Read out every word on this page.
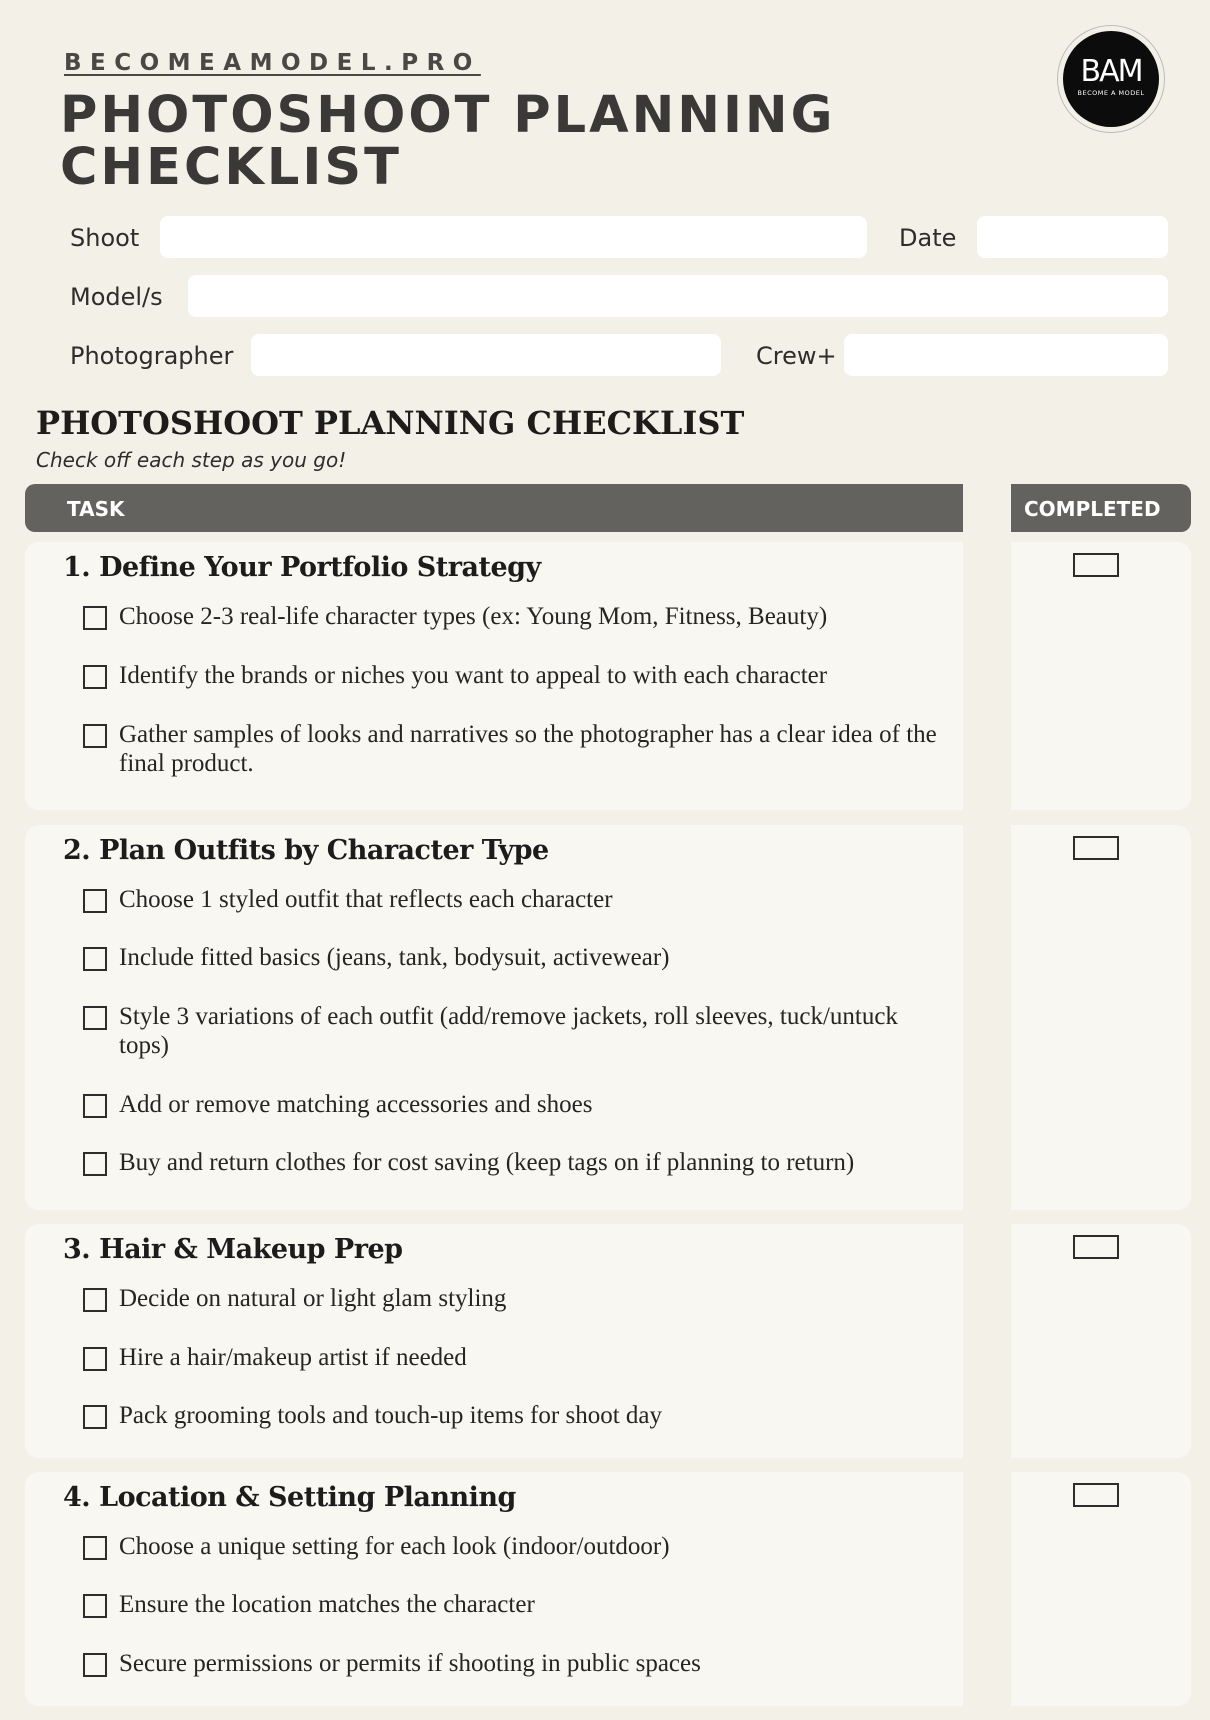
BECOMEAMODEL.PRO
PHOTOSHOOT PLANNING
CHECKLIST
BAM
BECOME A MODEL
Shoot	Date
Model/s
Photographer	Crew+
PHOTOSHOOT PLANNING CHECKLIST
Check off each step as you go!
TASK	COMPLETED
1. Define Your Portfolio Strategy
Choose 2-3 real-life character types (ex: Young Mom, Fitness, Beauty)
Identify the brands or niches you want to appeal to with each character
Gather samples of looks and narratives so the photographer has a clear idea of the final product.
2. Plan Outfits by Character Type
Choose 1 styled outfit that reflects each character
Include fitted basics (jeans, tank, bodysuit, activewear)
Style 3 variations of each outfit (add/remove jackets, roll sleeves, tuck/untuck tops)
Add or remove matching accessories and shoes
Buy and return clothes for cost saving (keep tags on if planning to return)
3. Hair & Makeup Prep
Decide on natural or light glam styling
Hire a hair/makeup artist if needed
Pack grooming tools and touch-up items for shoot day
4. Location & Setting Planning
Choose a unique setting for each look (indoor/outdoor)
Ensure the location matches the character
Secure permissions or permits if shooting in public spaces
